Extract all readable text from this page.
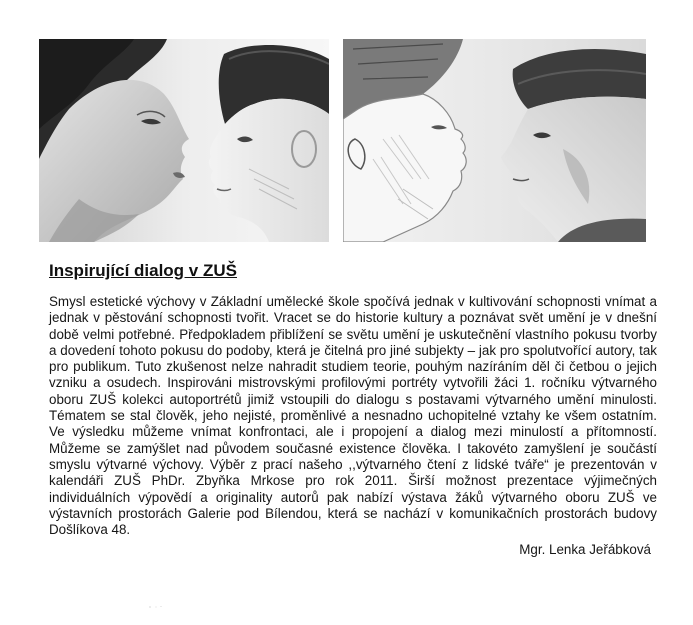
Inspirující dialog v ZUŠ

Smysl estetické výchovy v Základní umělecké škole spočívá jednak v kultivování schopnosti vnímat a jednak v pěstování schopnosti tvořit. Vracet se do historie kultury a poznávat svět umění je v dnešní době velmi potřebné. Předpokladem přiblížení se světu umění je uskutečnění vlastního pokusu tvorby a dovedení tohoto pokusu do podoby, která je čitelná pro jiné subjekty – jak pro spolutvořící autory, tak pro publikum. Tuto zkušenost nelze nahradit studiem teorie, pouhým nazíráním děl či četbou o jejich vzniku a osudech. Inspirováni mistrovskými profilovými portréty vytvořili žáci 1. ročníku výtvarného oboru ZUŠ kolekci autoportrétů jimiž vstoupili do dialogu s postavami výtvarného umění minulosti. Tématem se stal člověk, jeho nejisté, proměnlivé a nesnadno uchopitelné vztahy ke všem ostatním. Ve výsledku můžeme vnímat konfrontaci, ale i propojení a dialog mezi minulostí a přítomností. Můžeme se zamýšlet nad původem současné existence člověka. I takovéto zamyšlení je součástí smyslu výtvarné výchovy. Výběr z prací našeho ,,výtvarného čtení z lidské tváře“ je prezentován v kalendáři ZUŠ PhDr. Zbyňka Mrkose pro rok 2011. Širší možnost prezentace výjimečných individuálních výpovědí a originality autorů pak nabízí výstava žáků výtvarného oboru ZUŠ ve výstavních prostorách Galerie pod Bílendou, která se nachází v komunikačních prostorách budovy Došlíkova 48.

Mgr. Lenka Jeřábková
